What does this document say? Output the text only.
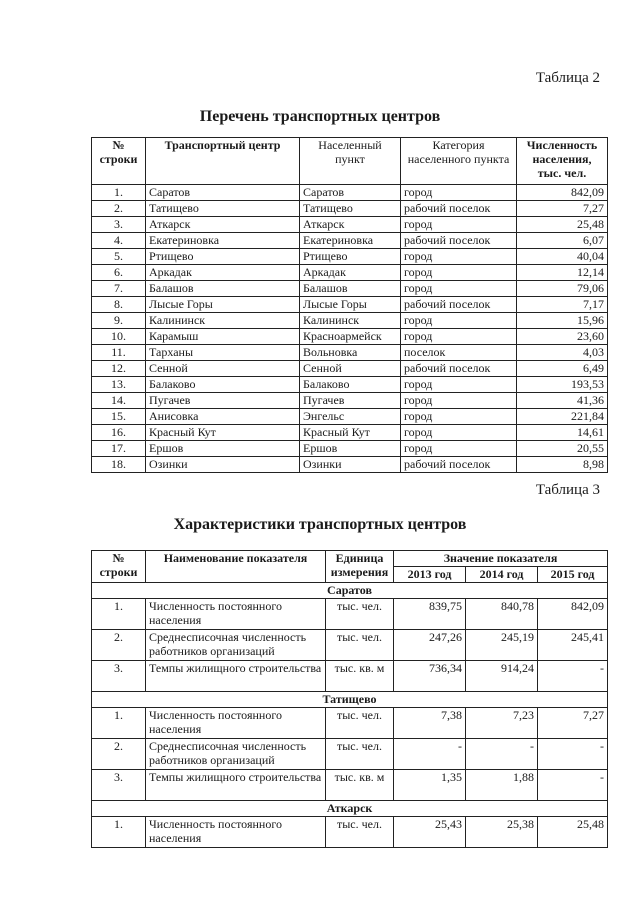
Таблица 2
Перечень транспортных центров
№ строки	Транспортный центр	Населенный пункт	Категория населенного пункта	Численность населения, тыс. чел.
1.	Саратов	Саратов	город	842,09
2.	Татищево	Татищево	рабочий поселок	7,27
3.	Аткарск	Аткарск	город	25,48
4.	Екатериновка	Екатериновка	рабочий поселок	6,07
5.	Ртищево	Ртищево	город	40,04
6.	Аркадак	Аркадак	город	12,14
7.	Балашов	Балашов	город	79,06
8.	Лысые Горы	Лысые Горы	рабочий поселок	7,17
9.	Калининск	Калининск	город	15,96
10.	Карамыш	Красноармейск	город	23,60
11.	Тарханы	Вольновка	поселок	4,03
12.	Сенной	Сенной	рабочий поселок	6,49
13.	Балаково	Балаково	город	193,53
14.	Пугачев	Пугачев	город	41,36
15.	Анисовка	Энгельс	город	221,84
16.	Красный Кут	Красный Кут	город	14,61
17.	Ершов	Ершов	город	20,55
18.	Озинки	Озинки	рабочий поселок	8,98
Таблица 3
Характеристики транспортных центров
№ строки	Наименование показателя	Единица измерения	Значение показателя		
			2013 год	2014 год	2015 год
Саратов					
1.	Численность постоянного населения	тыс. чел.	839,75	840,78	842,09
2.	Среднесписочная численность работников организаций	тыс. чел.	247,26	245,19	245,41
3.	Темпы жилищного строительства	тыс. кв. м	736,34	914,24	-
Татищево					
1.	Численность постоянного населения	тыс. чел.	7,38	7,23	7,27
2.	Среднесписочная численность работников организаций	тыс. чел.	-	-	-
3.	Темпы жилищного строительства	тыс. кв. м	1,35	1,88	-
Аткарск					
1.	Численность постоянного населения	тыс. чел.	25,43	25,38	25,48
